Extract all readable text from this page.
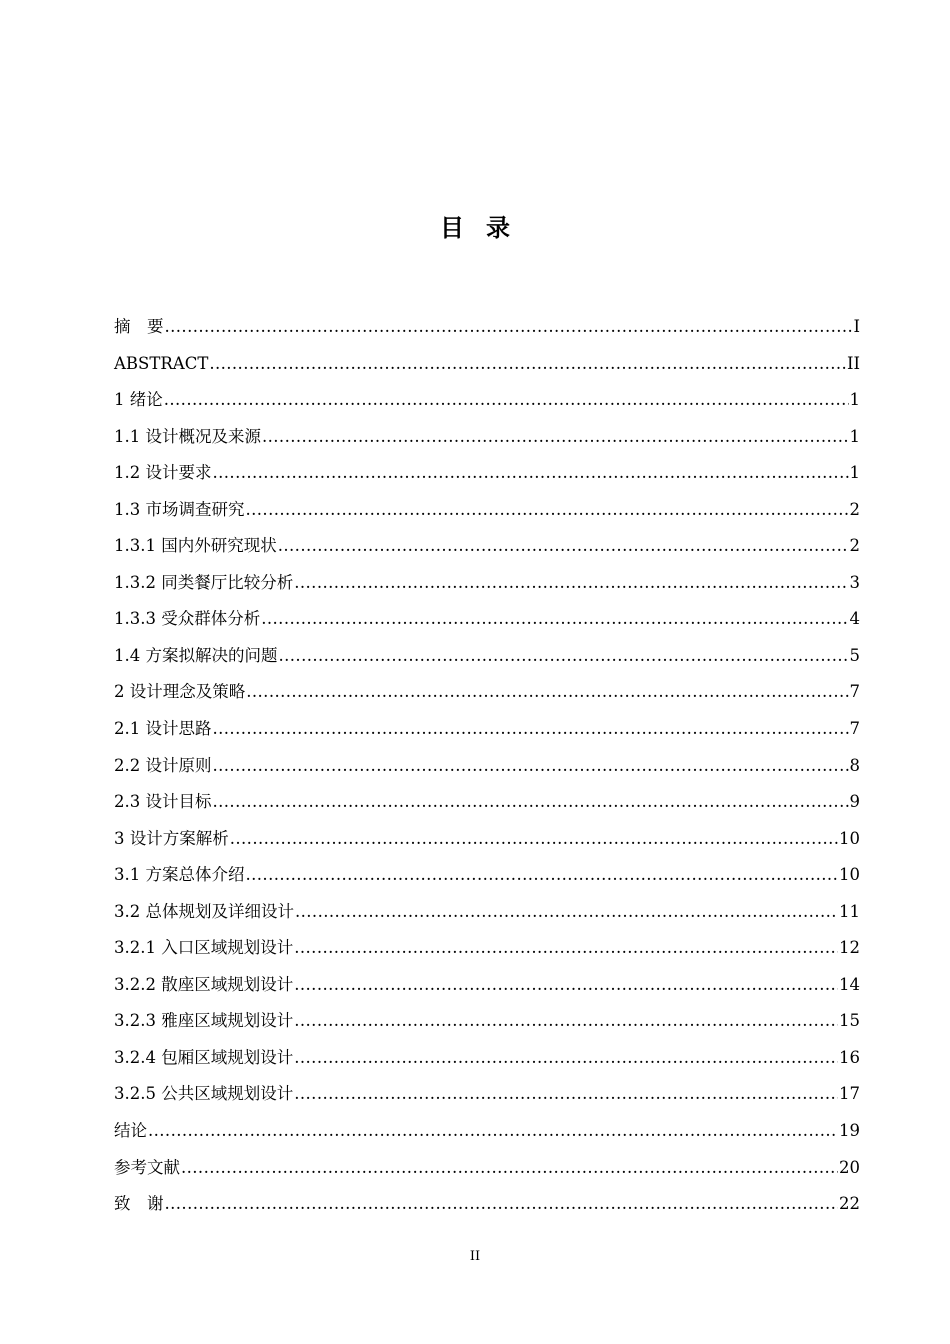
目录
摘　要 .....	I
ABSTRACT .....	II
1 绪论 .....	1
1.1 设计概况及来源 .....	1
1.2 设计要求 .....	1
1.3 市场调查研究 .....	2
1.3.1 国内外研究现状 .....	2
1.3.2 同类餐厅比较分析 .....	3
1.3.3 受众群体分析 .....	4
1.4 方案拟解决的问题 .....	5
2 设计理念及策略 .....	7
2.1 设计思路 .....	7
2.2 设计原则 .....	8
2.3 设计目标 .....	9
3 设计方案解析 .....	10
3.1 方案总体介绍 .....	10
3.2 总体规划及详细设计 .....	11
3.2.1 入口区域规划设计 .....	12
3.2.2 散座区域规划设计 .....	14
3.2.3 雅座区域规划设计 .....	15
3.2.4 包厢区域规划设计 .....	16
3.2.5 公共区域规划设计 .....	17
结论 .....	19
参考文献 .....	20
致　谢 .....	22
II
